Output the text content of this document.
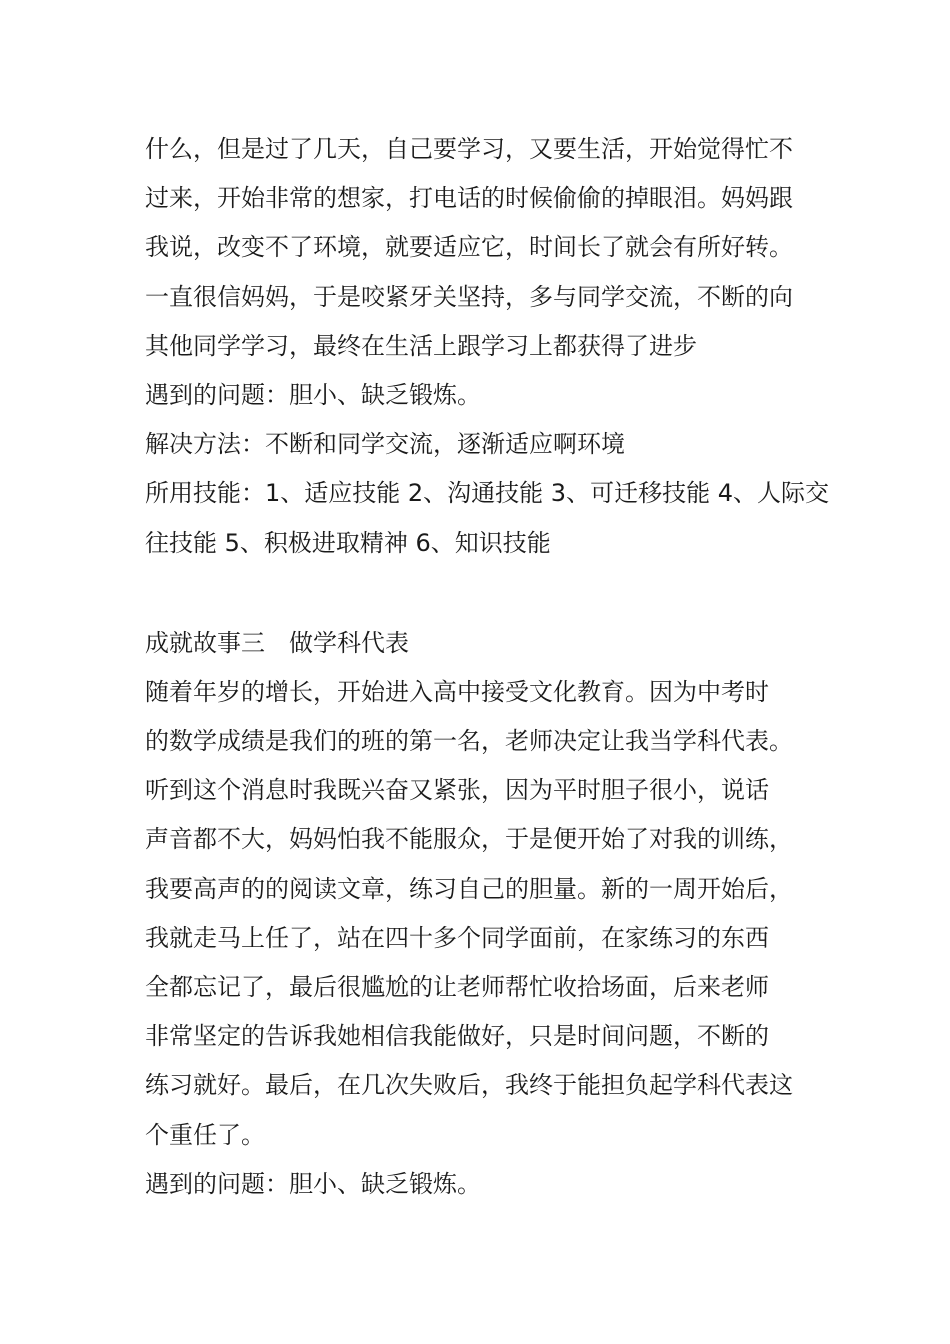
什么，但是过了几天，自己要学习，又要生活，开始觉得忙不
过来，开始非常的想家，打电话的时候偷偷的掉眼泪。妈妈跟
我说，改变不了环境，就要适应它，时间长了就会有所好转。
一直很信妈妈，于是咬紧牙关坚持，多与同学交流，不断的向
其他同学学习，最终在生活上跟学习上都获得了进步
遇到的问题：胆小、缺乏锻炼。
解决方法：不断和同学交流，逐渐适应啊环境
所用技能：1、适应技能 2、沟通技能 3、可迁移技能 4、人际交
往技能 5、积极进取精神 6、知识技能
成就故事三 做学科代表
随着年岁的增长，开始进入高中接受文化教育。因为中考时
的数学成绩是我们的班的第一名，老师决定让我当学科代表。
听到这个消息时我既兴奋又紧张，因为平时胆子很小，说话
声音都不大，妈妈怕我不能服众，于是便开始了对我的训练，
我要高声的的阅读文章，练习自己的胆量。新的一周开始后，
我就走马上任了，站在四十多个同学面前，在家练习的东西
全都忘记了，最后很尴尬的让老师帮忙收拾场面，后来老师
非常坚定的告诉我她相信我能做好，只是时间问题，不断的
练习就好。最后，在几次失败后，我终于能担负起学科代表这
个重任了。
遇到的问题：胆小、缺乏锻炼。
